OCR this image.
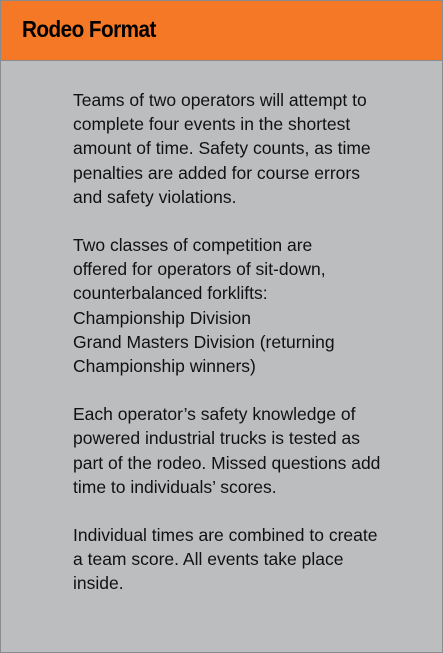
Rodeo Format

Teams of two operators will attempt to
complete four events in the shortest
amount of time. Safety counts, as time
penalties are added for course errors
and safety violations.

Two classes of competition are
offered for operators of sit-down,
counterbalanced forklifts:
Championship Division
Grand Masters Division (returning
Championship winners)

Each operator’s safety knowledge of
powered industrial trucks is tested as
part of the rodeo. Missed questions add
time to individuals’ scores.

Individual times are combined to create
a team score. All events take place
inside.
